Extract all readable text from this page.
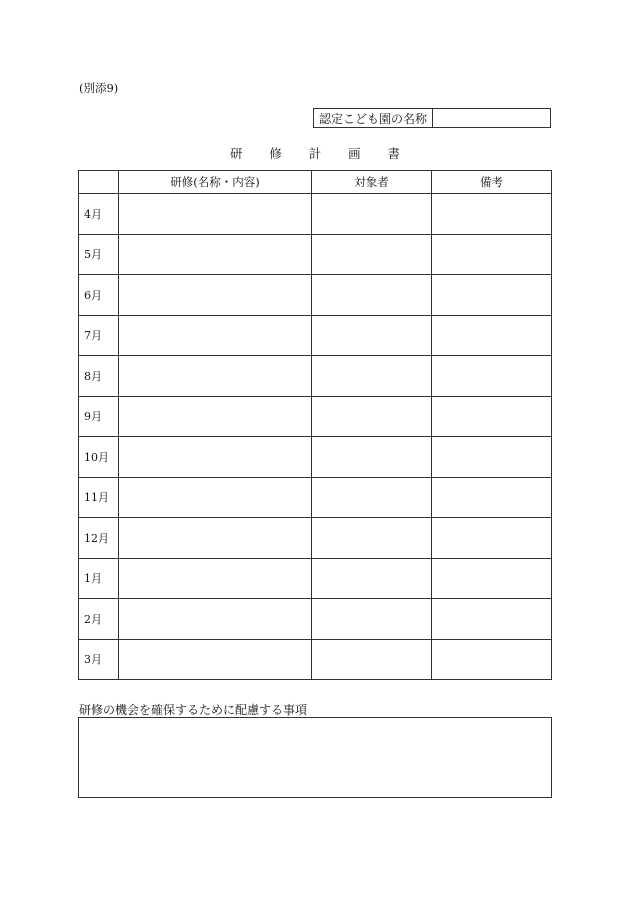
(別添9)
認定こども園の名称
研 修 計 画 書
	研修(名称・内容)	対象者	備考
4月			
5月			
6月			
7月			
8月			
9月			
10月			
11月			
12月			
1月			
2月			
3月			
研修の機会を確保するために配慮する事項
